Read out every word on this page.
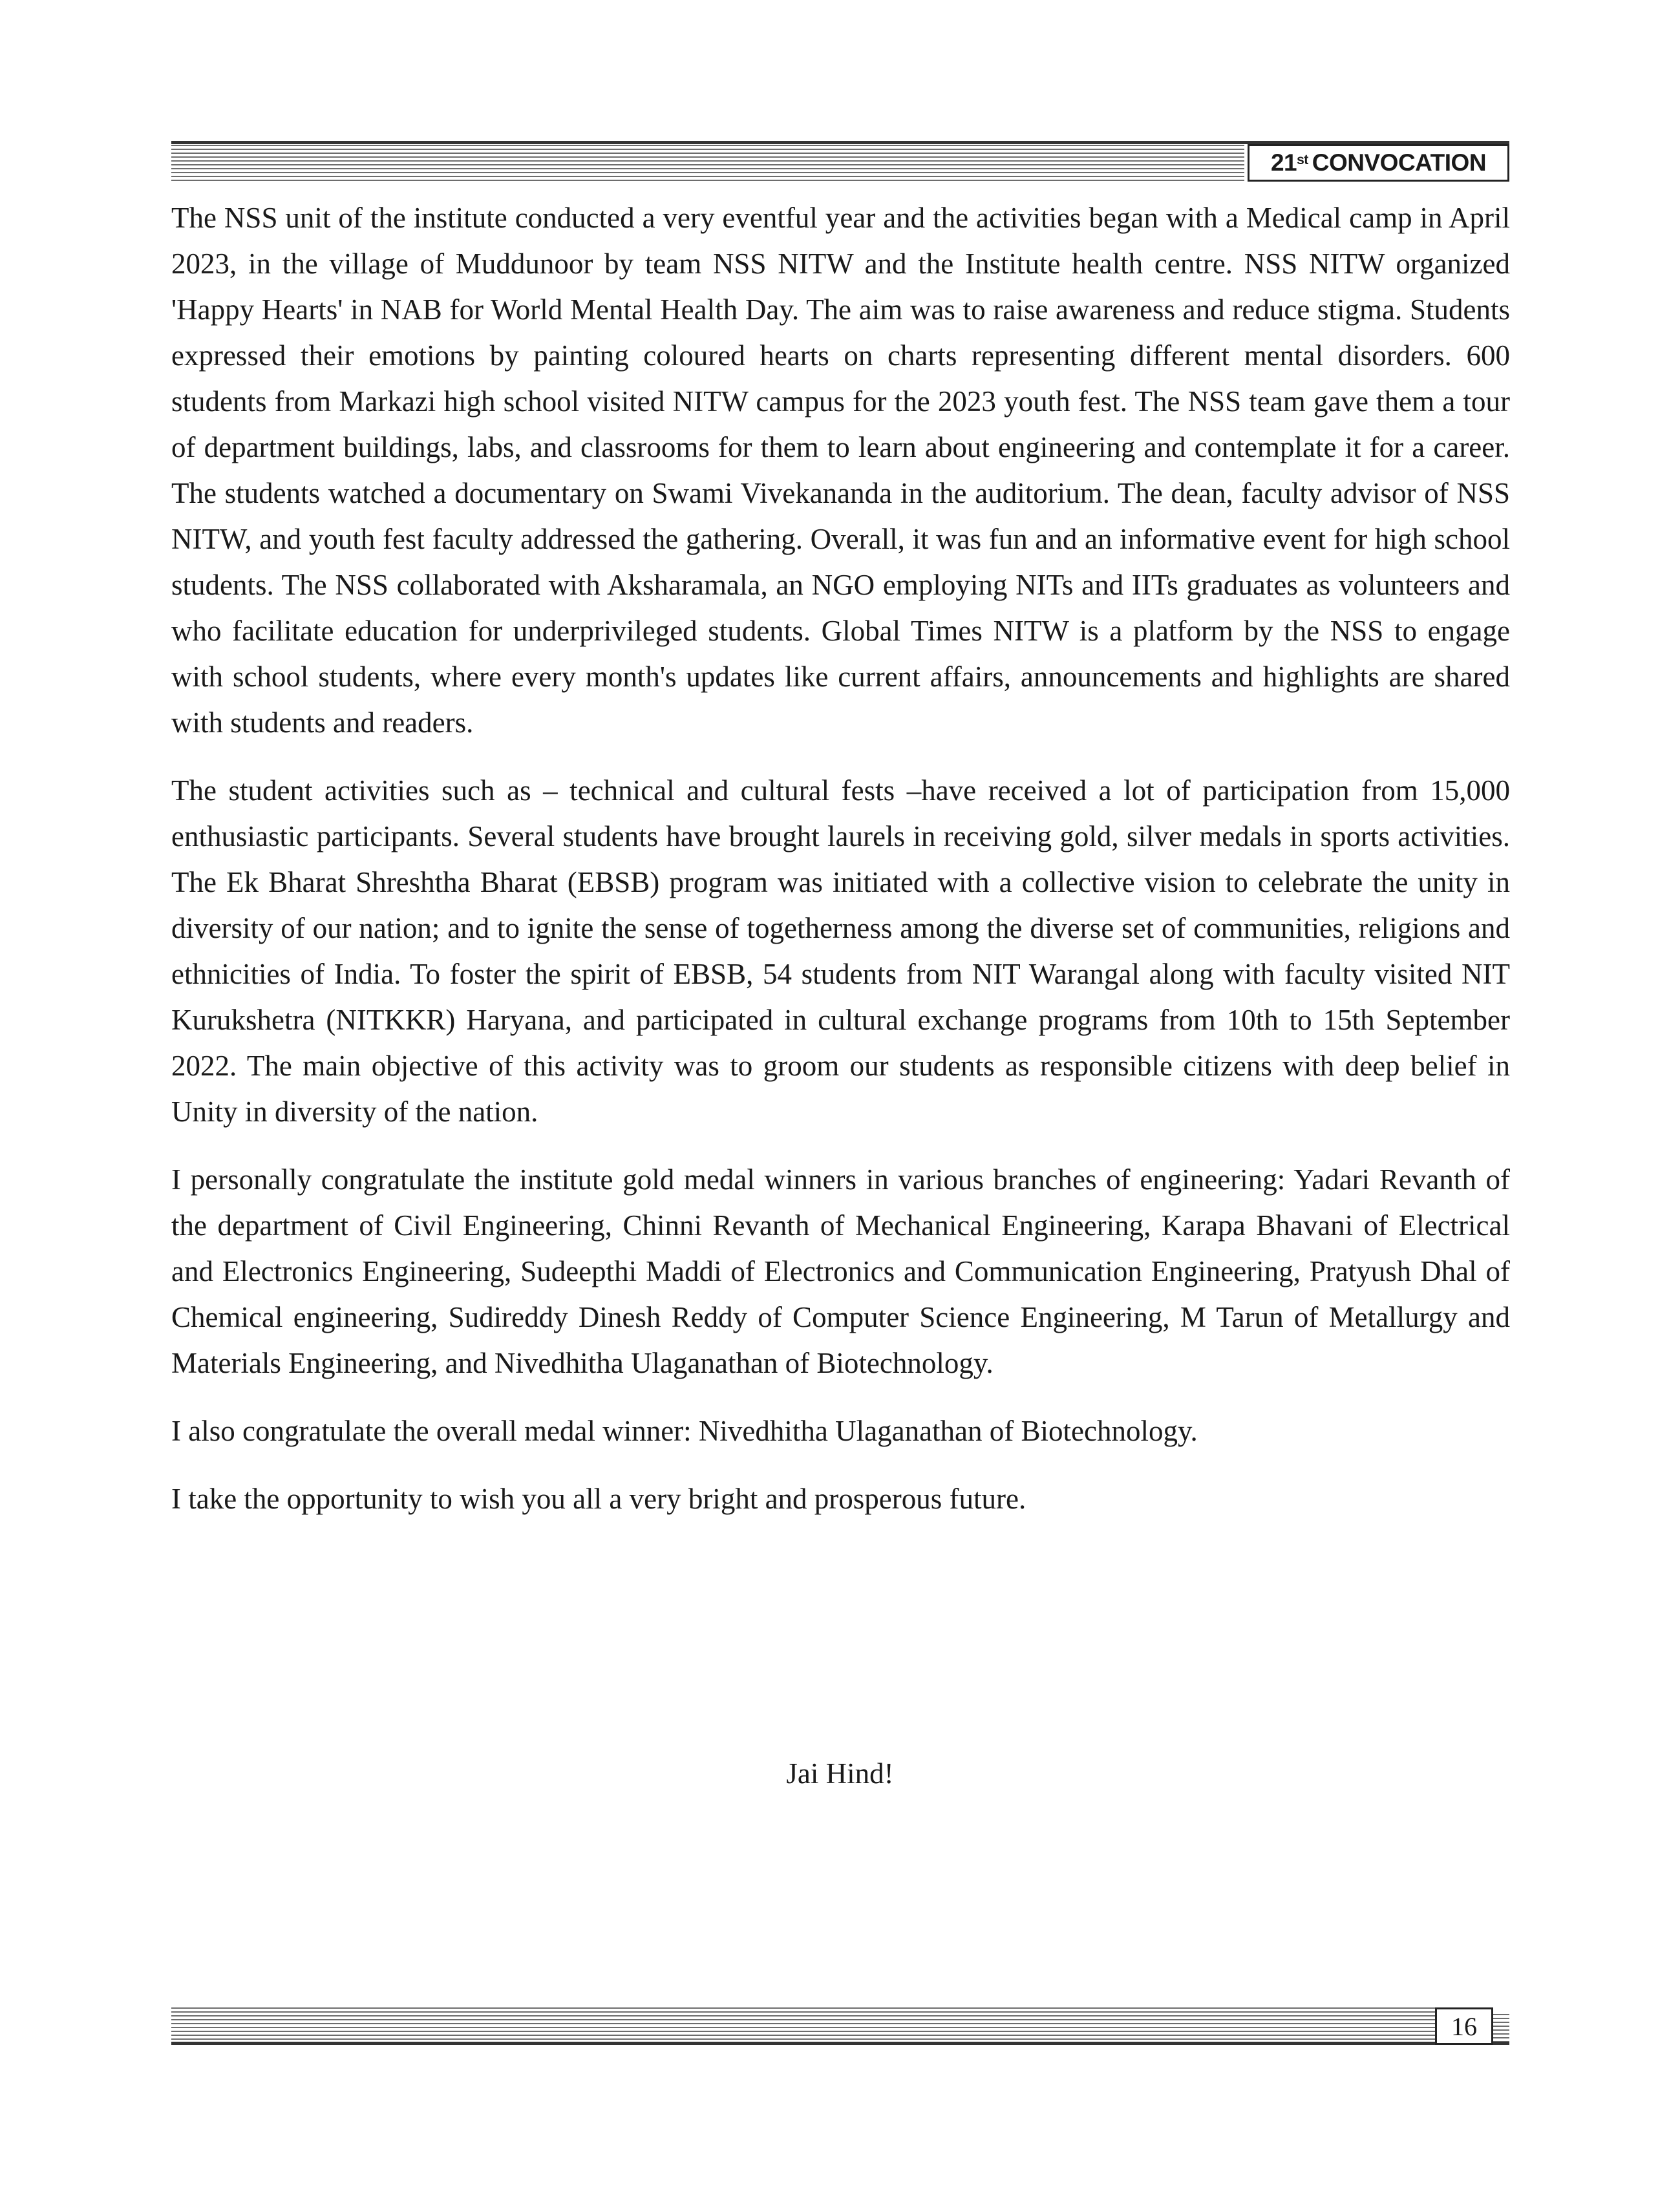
21st CONVOCATION

The NSS unit of the institute conducted a very eventful year and the activities began with a Medical camp in April 2023, in the village of Muddunoor by team NSS NITW and the Institute health centre. NSS NITW organized 'Happy Hearts' in NAB for World Mental Health Day. The aim was to raise awareness and reduce stigma. Students expressed their emotions by painting coloured hearts on charts representing different mental disorders. 600 students from Markazi high school visited NITW campus for the 2023 youth fest. The NSS team gave them a tour of department buildings, labs, and classrooms for them to learn about engineering and contemplate it for a career. The students watched a documentary on Swami Vivekananda in the auditorium. The dean, faculty advisor of NSS NITW, and youth fest faculty addressed the gathering. Overall, it was fun and an informative event for high school students. The NSS collaborated with Aksharamala, an NGO employing NITs and IITs graduates as volunteers and who facilitate education for underprivileged students. Global Times NITW is a platform by the NSS to engage with school students, where every month's updates like current affairs, announcements and highlights are shared with students and readers.

The student activities such as – technical and cultural fests –have received a lot of participation from 15,000 enthusiastic participants. Several students have brought laurels in receiving gold, silver medals in sports activities. The Ek Bharat Shreshtha Bharat (EBSB) program was initiated with a collective vision to celebrate the unity in diversity of our nation; and to ignite the sense of togetherness among the diverse set of communities, religions and ethnicities of India. To foster the spirit of EBSB, 54 students from NIT Warangal along with faculty visited NIT Kurukshetra (NITKKR) Haryana, and participated in cultural exchange programs from 10th to 15th September 2022. The main objective of this activity was to groom our students as responsible citizens with deep belief in Unity in diversity of the nation.

I personally congratulate the institute gold medal winners in various branches of engineering: Yadari Revanth of the department of Civil Engineering, Chinni Revanth of Mechanical Engineering, Karapa Bhavani of Electrical and Electronics Engineering, Sudeepthi Maddi of Electronics and Communication Engineering, Pratyush Dhal of Chemical engineering, Sudireddy Dinesh Reddy of Computer Science Engineering, M Tarun of Metallurgy and Materials Engineering, and Nivedhitha Ulaganathan of Biotechnology.

I also congratulate the overall medal winner: Nivedhitha Ulaganathan of Biotechnology.

I take the opportunity to wish you all a very bright and prosperous future.

Jai Hind!
16
